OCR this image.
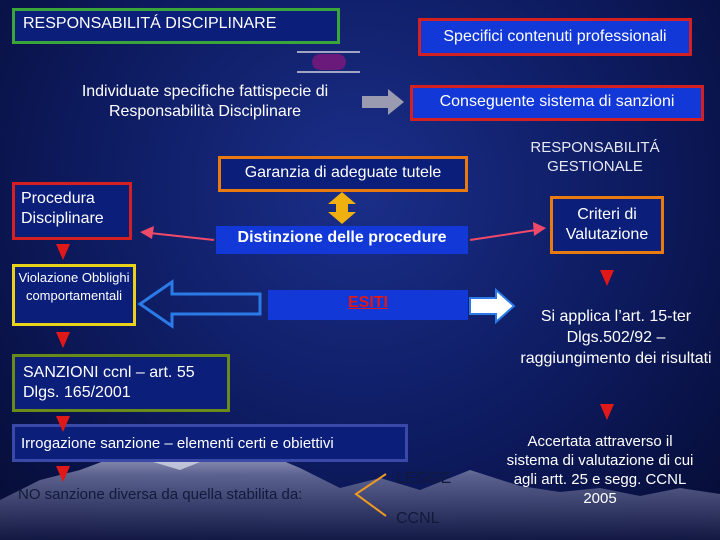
RESPONSABILITÁ DISCIPLINARE
Specifici contenuti professionali
Individuate specifiche fattispecie di Responsabilità Disciplinare
Conseguente sistema di sanzioni
RESPONSABILITÁ GESTIONALE
Garanzia di adeguate tutele
Procedura Disciplinare	Criteri di Valutazione
Distinzione delle procedure
Violazione Obblighi comportamentali	ESITI
Si applica l’art. 15-ter Dlgs.502/92 – raggiungimento dei risultati
SANZIONI ccnl – art. 55 Dlgs. 165/2001
Irrogazione sanzione – elementi certi e obiettivi	Accertata attraverso il sistema di valutazione di cui agli artt. 25 e segg. CCNL 2005
NO sanzione diversa da quella stabilita da:
LEGGE
CCNL
